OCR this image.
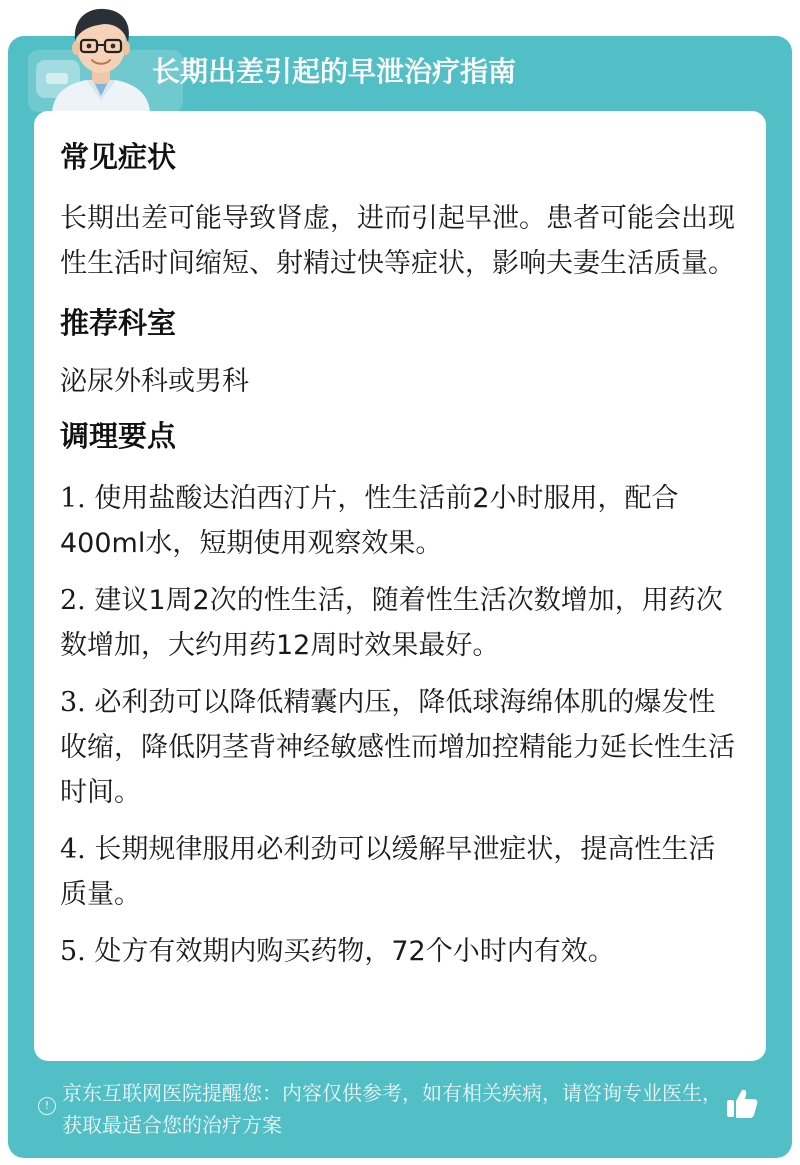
长期出差引起的早泄治疗指南
常见症状
长期出差可能导致肾虚，进而引起早泄。患者可能会出现性生活时间缩短、射精过快等症状，影响夫妻生活质量。
推荐科室
泌尿外科或男科
调理要点
1. 使用盐酸达泊西汀片，性生活前2小时服用，配合400ml水，短期使用观察效果。
2. 建议1周2次的性生活，随着性生活次数增加，用药次数增加，大约用药12周时效果最好。
3. 必利劲可以降低精囊内压，降低球海绵体肌的爆发性收缩，降低阴茎背神经敏感性而增加控精能力延长性生活时间。
4. 长期规律服用必利劲可以缓解早泄症状，提高性生活质量。
5. 处方有效期内购买药物，72个小时内有效。
!
京东互联网医院提醒您：内容仅供参考，如有相关疾病，请咨询专业医生，获取最适合您的治疗方案
